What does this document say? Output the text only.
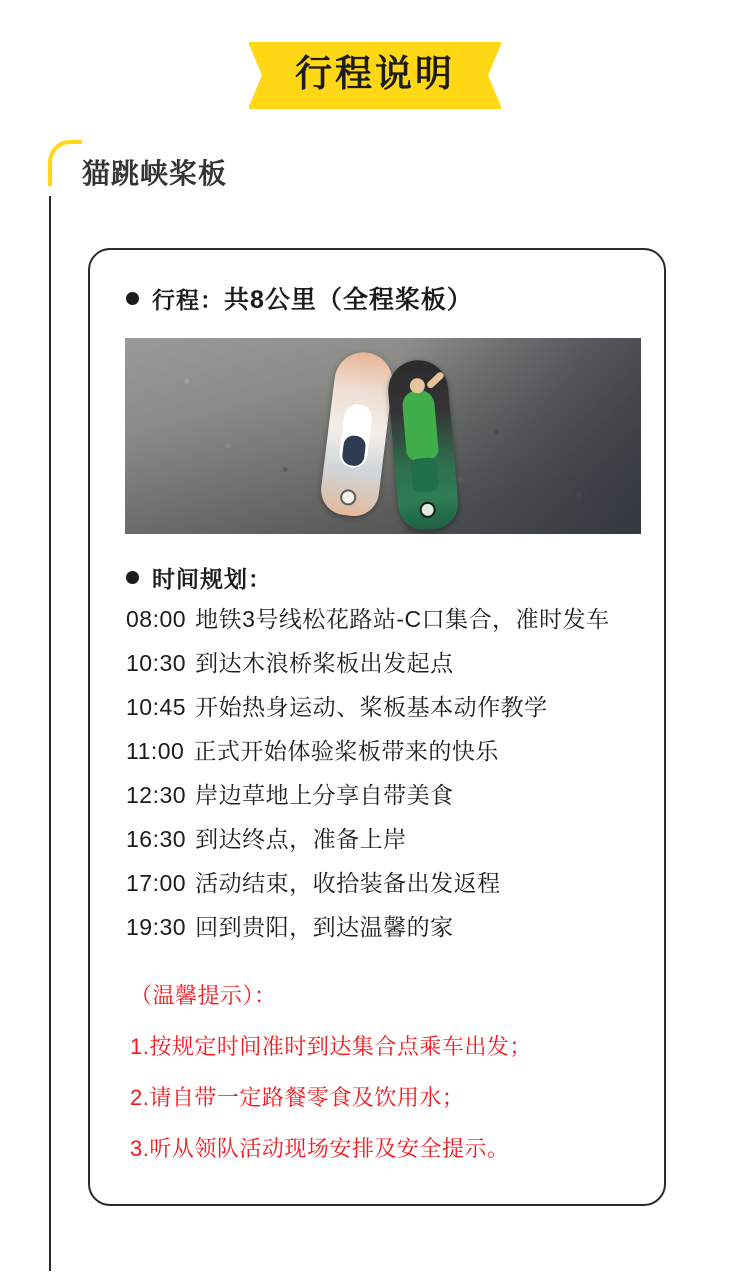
行程说明
猫跳峡桨板
行程： 共8公里（全程桨板）
时间规划：
08:00 地铁3号线松花路站-C口集合，准时发车
10:30 到达木浪桥桨板出发起点
10:45 开始热身运动、桨板基本动作教学
11:00 正式开始体验桨板带来的快乐
12:30 岸边草地上分享自带美食
16:30 到达终点，准备上岸
17:00 活动结束，收拾装备出发返程
19:30 回到贵阳，到达温馨的家
（温馨提示）：
1.按规定时间准时到达集合点乘车出发；
2.请自带一定路餐零食及饮用水；
3.听从领队活动现场安排及安全提示。
